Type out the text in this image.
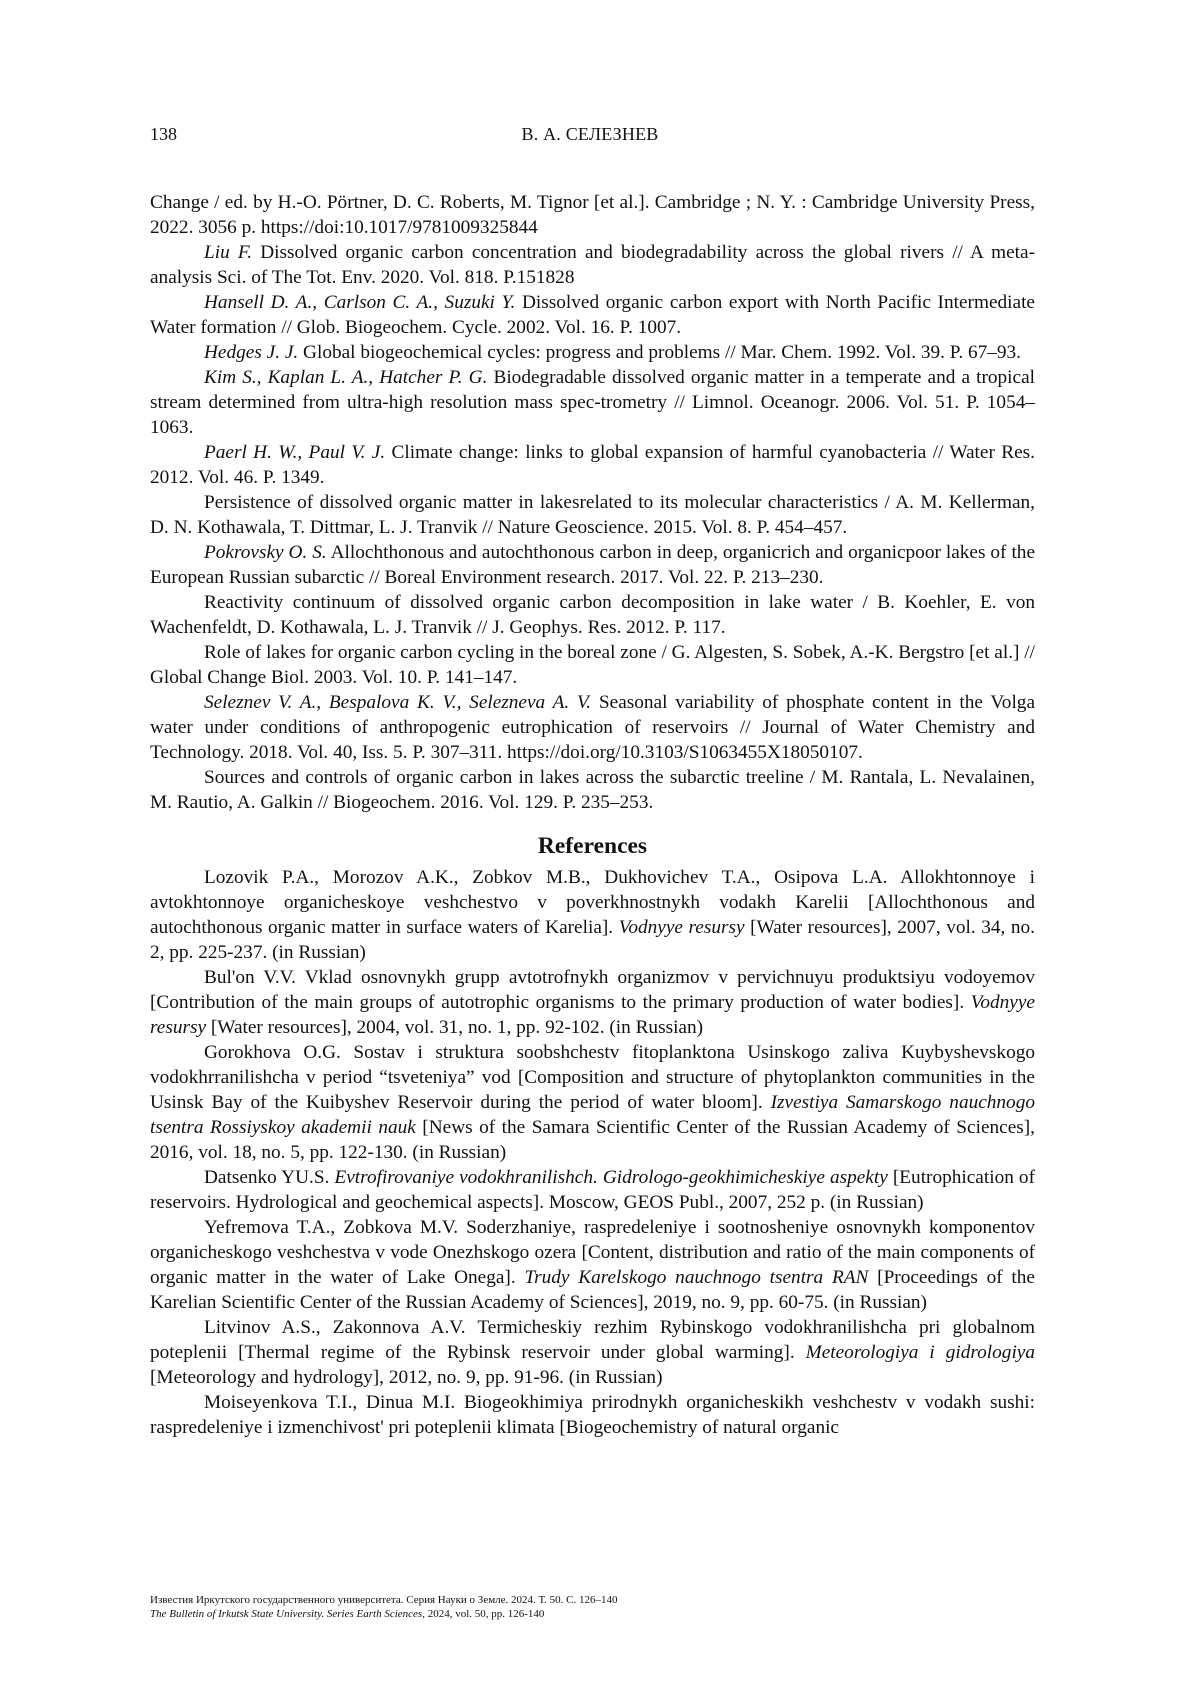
138	В. А. СЕЛЕЗНЕВ

Change / ed. by H.-O. Pörtner, D. C. Roberts, M. Tignor [et al.]. Cambridge ; N. Y. : Cambridge University Press, 2022. 3056 p. https://doi:10.1017/9781009325844

Liu F. Dissolved organic carbon concentration and biodegradability across the global rivers // A meta-analysis Sci. of The Tot. Env. 2020. Vol. 818. P.151828

Hansell D. A., Carlson C. A., Suzuki Y. Dissolved organic carbon export with North Pacific Intermediate Water formation // Glob. Biogeochem. Cycle. 2002. Vol. 16. P. 1007.

Hedges J. J. Global biogeochemical cycles: progress and problems // Mar. Chem. 1992. Vol. 39. P. 67–93.

Kim S., Kaplan L. A., Hatcher P. G. Biodegradable dissolved organic matter in a temperate and a tropical stream determined from ultra-high resolution mass spec-trometry // Limnol. Oceanogr. 2006. Vol. 51. P. 1054–1063.

Paerl H. W., Paul V. J. Climate change: links to global expansion of harmful cyanobacteria // Water Res. 2012. Vol. 46. P. 1349.

Persistence of dissolved organic matter in lakesrelated to its molecular characteristics / A. M. Kellerman, D. N. Kothawala, T. Dittmar, L. J. Tranvik // Nature Geoscience. 2015. Vol. 8. P. 454–457.

Pokrovsky O. S. Allochthonous and autochthonous carbon in deep, organicrich and organicpoor lakes of the European Russian subarctic // Boreal Environment research. 2017. Vol. 22. P. 213–230.

Reactivity continuum of dissolved organic carbon decomposition in lake water / B. Koehler, E. von Wachenfeldt, D. Kothawala, L. J. Tranvik // J. Geophys. Res. 2012. P. 117.

Role of lakes for organic carbon cycling in the boreal zone / G. Algesten, S. Sobek, A.-K. Bergstro [et al.] // Global Change Biol. 2003. Vol. 10. P. 141–147.

Seleznev V. A., Bespalova K. V., Selezneva A. V. Seasonal variability of phosphate content in the Volga water under conditions of anthropogenic eutrophication of reservoirs // Journal of Water Chemistry and Technology. 2018. Vol. 40, Iss. 5. P. 307–311. https://doi.org/10.3103/S1063455X18050107.

Sources and controls of organic carbon in lakes across the subarctic treeline / M. Rantala, L. Nevalainen, M. Rautio, A. Galkin // Biogeochem. 2016. Vol. 129. P. 235–253.

References

Lozovik P.A., Morozov A.K., Zobkov M.B., Dukhovichev T.A., Osipova L.A. Allokhtonnoye i avtokhtonnoye organicheskoye veshchestvo v poverkhnostnykh vodakh Karelii [Allochthonous and autochthonous organic matter in surface waters of Karelia]. Vodnyye resursy [Water resources], 2007, vol. 34, no. 2, pp. 225-237. (in Russian)

Bul'on V.V. Vklad osnovnykh grupp avtotrofnykh organizmov v pervichnuyu produktsiyu vodoyemov [Contribution of the main groups of autotrophic organisms to the primary production of water bodies]. Vodnyye resursy [Water resources], 2004, vol. 31, no. 1, pp. 92-102. (in Russian)

Gorokhova O.G. Sostav i struktura soobshchestv fitoplanktona Usinskogo zaliva Kuybyshevskogo vodokhrranilishcha v period “tsveteniya” vod [Composition and structure of phytoplankton communities in the Usinsk Bay of the Kuibyshev Reservoir during the period of water bloom]. Izvestiya Samarskogo nauchnogo tsentra Rossiyskoy akademii nauk [News of the Samara Scientific Center of the Russian Academy of Sciences], 2016, vol. 18, no. 5, pp. 122-130. (in Russian)

Datsenko YU.S. Evtrofirovaniye vodokhranilishch. Gidrologo-geokhimicheskiye aspekty [Eutrophication of reservoirs. Hydrological and geochemical aspects]. Moscow, GEOS Publ., 2007, 252 p. (in Russian)

Yefremova T.A., Zobkova M.V. Soderzhaniye, raspredeleniye i sootnosheniye osnovnykh komponentov organicheskogo veshchestva v vode Onezhskogo ozera [Content, distribution and ratio of the main components of organic matter in the water of Lake Onega]. Trudy Karelskogo nauchnogo tsentra RAN [Proceedings of the Karelian Scientific Center of the Russian Academy of Sciences], 2019, no. 9, pp. 60-75. (in Russian)

Litvinov A.S., Zakonnova A.V. Termicheskiy rezhim Rybinskogo vodokhranilishcha pri globalnom poteplenii [Thermal regime of the Rybinsk reservoir under global warming]. Meteorologiya i gidrologiya [Meteorology and hydrology], 2012, no. 9, pp. 91-96. (in Russian)

Moiseyenkova T.I., Dinua M.I. Biogeokhimiya prirodnykh organicheskikh veshchestv v vodakh sushi: raspredeleniye i izmenchivost' pri poteplenii klimata [Biogeochemistry of natural organic

Известия Иркутского государственного университета. Серия Науки о Земле. 2024. Т. 50. С. 126–140
The Bulletin of Irkutsk State University. Series Earth Sciences, 2024, vol. 50, pp. 126-140
